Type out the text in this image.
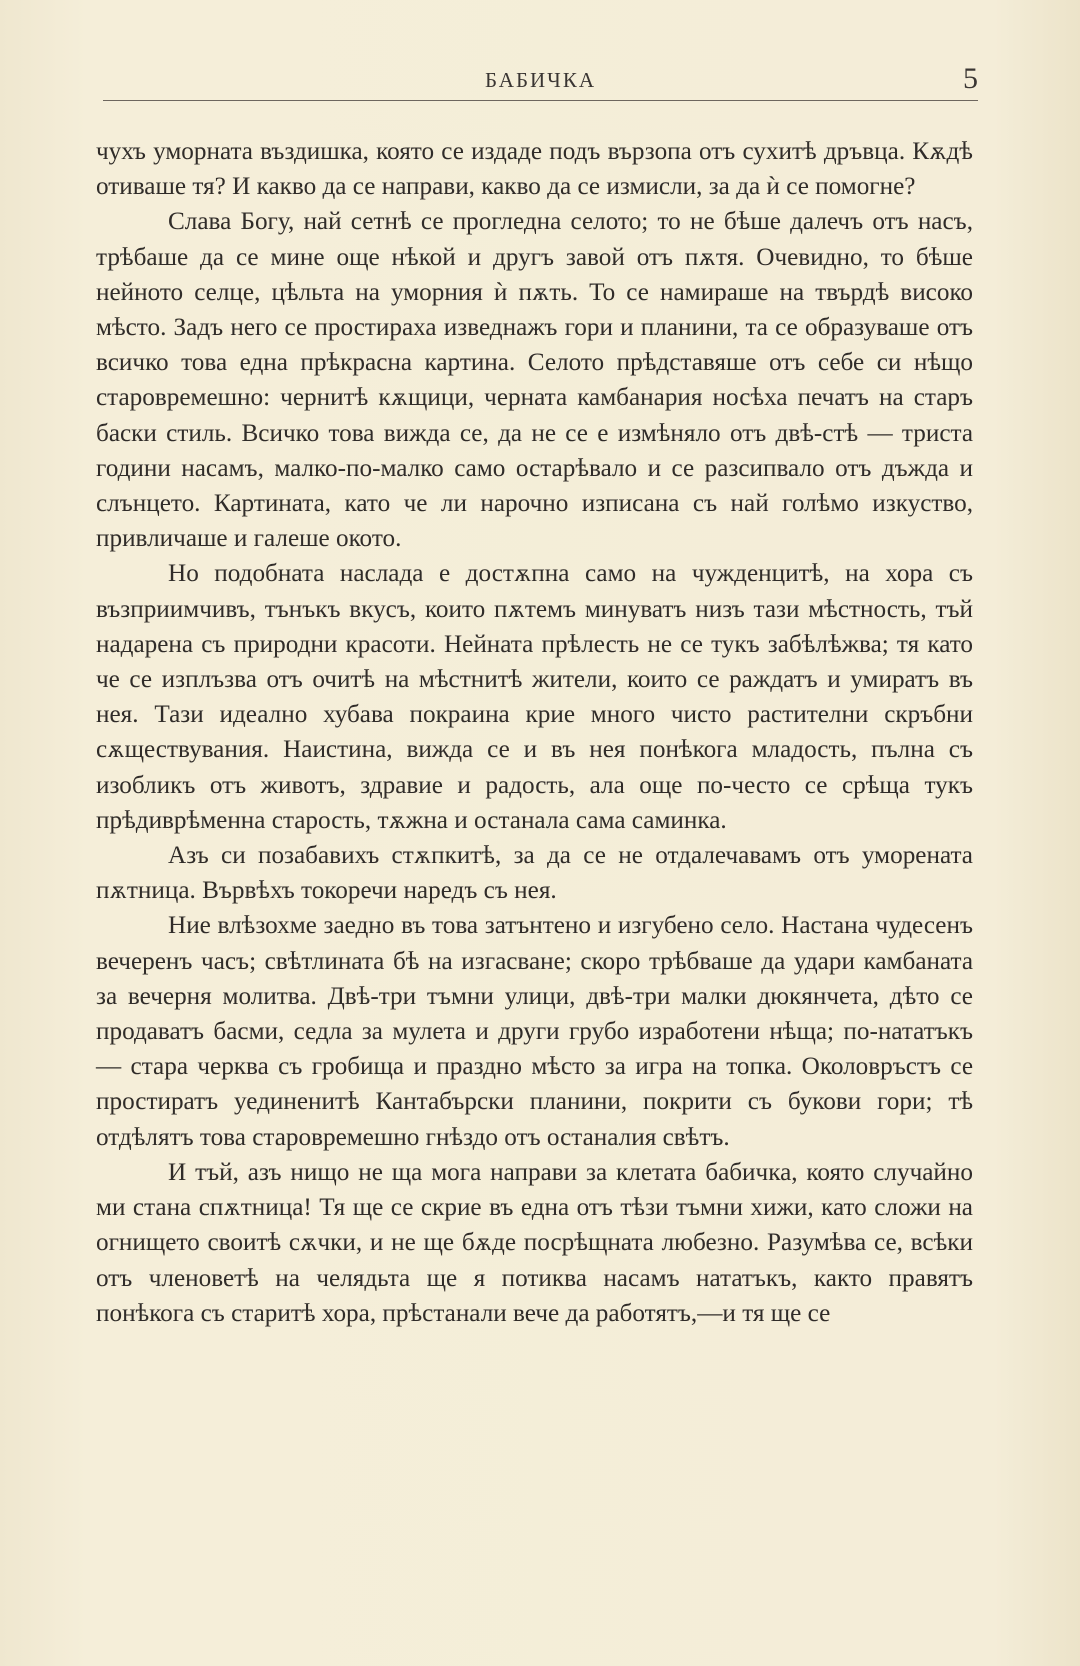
БАБИЧКА	5

чухъ уморната въздишка, която се издаде подъ вързопа отъ сухитѣ дръвца. Кѫдѣ отиваше тя? И какво да се направи, какво да се измисли, за да ѝ се помогне?

Слава Богу, най сетнѣ се прогледна селото; то не бѣше далечъ отъ насъ, трѣбаше да се мине още нѣкой и другъ завой отъ пѫтя. Очевидно, то бѣше нейното селце, цѣльта на уморния ѝ пѫть. То се намираше на твърдѣ високо мѣсто. Задъ него се простираха изведнажъ гори и планини, та се образуваше отъ всичко това една прѣкрасна картина. Селото прѣдставяше отъ себе си нѣщо старовремешно: чернитѣ кѫщици, черната камбанария носѣха печатъ на старъ баски стиль. Всичко това вижда се, да не се е измѣняло отъ двѣ-стѣ — триста години насамъ, малко-по-малко само остарѣвало и се разсипвало отъ дъжда и слънцето. Картината, като че ли нарочно изписана съ най голѣмо изкуство, привличаше и галеше окото.

Но подобната наслада е достѫпна само на чужденцитѣ, на хора съ възприимчивъ, тънъкъ вкусъ, които пѫтемъ минуватъ низъ тази мѣстность, тъй надарена съ природни красоти. Нейната прѣлесть не се тукъ забѣлѣжва; тя като че се изплъзва отъ очитѣ на мѣстнитѣ жители, които се раждатъ и умиратъ въ нея. Тази идеално хубава покраина крие много чисто растителни скръбни сѫществувания. Наистина, вижда се и въ нея понѣкога младость, пълна съ изобликъ отъ животъ, здравие и радость, ала още по-често се срѣща тукъ прѣдиврѣменна старость, тѫжна и останала сама саминка.

Азъ си позабавихъ стѫпкитѣ, за да се не отдалечавамъ отъ уморената пѫтница. Вървѣхъ токоречи наредъ съ нея.

Ние влѣзохме заедно въ това затънтено и изгубено село. Настана чудесенъ вечеренъ часъ; свѣтлината бѣ на изгасване; скоро трѣбваше да удари камбаната за вечерня молитва. Двѣ-три тъмни улици, двѣ-три малки дюкянчета, дѣто се продаватъ басми, седла за мулета и други грубо изработени нѣща; по-нататъкъ — стара черква съ гробища и праздно мѣсто за игра на топка. Околовръстъ се простиратъ уединенитѣ Кантабърски планини, покрити съ букови гори; тѣ отдѣлятъ това старовремешно гнѣздо отъ останалия свѣтъ.

И тъй, азъ нищо не ща мога направи за клетата бабичка, която случайно ми стана спѫтница! Тя ще се скрие въ една отъ тѣзи тъмни хижи, като сложи на огнището своитѣ сѫчки, и не ще бѫде посрѣщната любезно. Разумѣва се, всѣки отъ членоветѣ на челядьта ще я потиква насамъ нататъкъ, както правятъ понѣкога съ старитѣ хора, прѣстанали вече да работятъ,—и тя ще се
